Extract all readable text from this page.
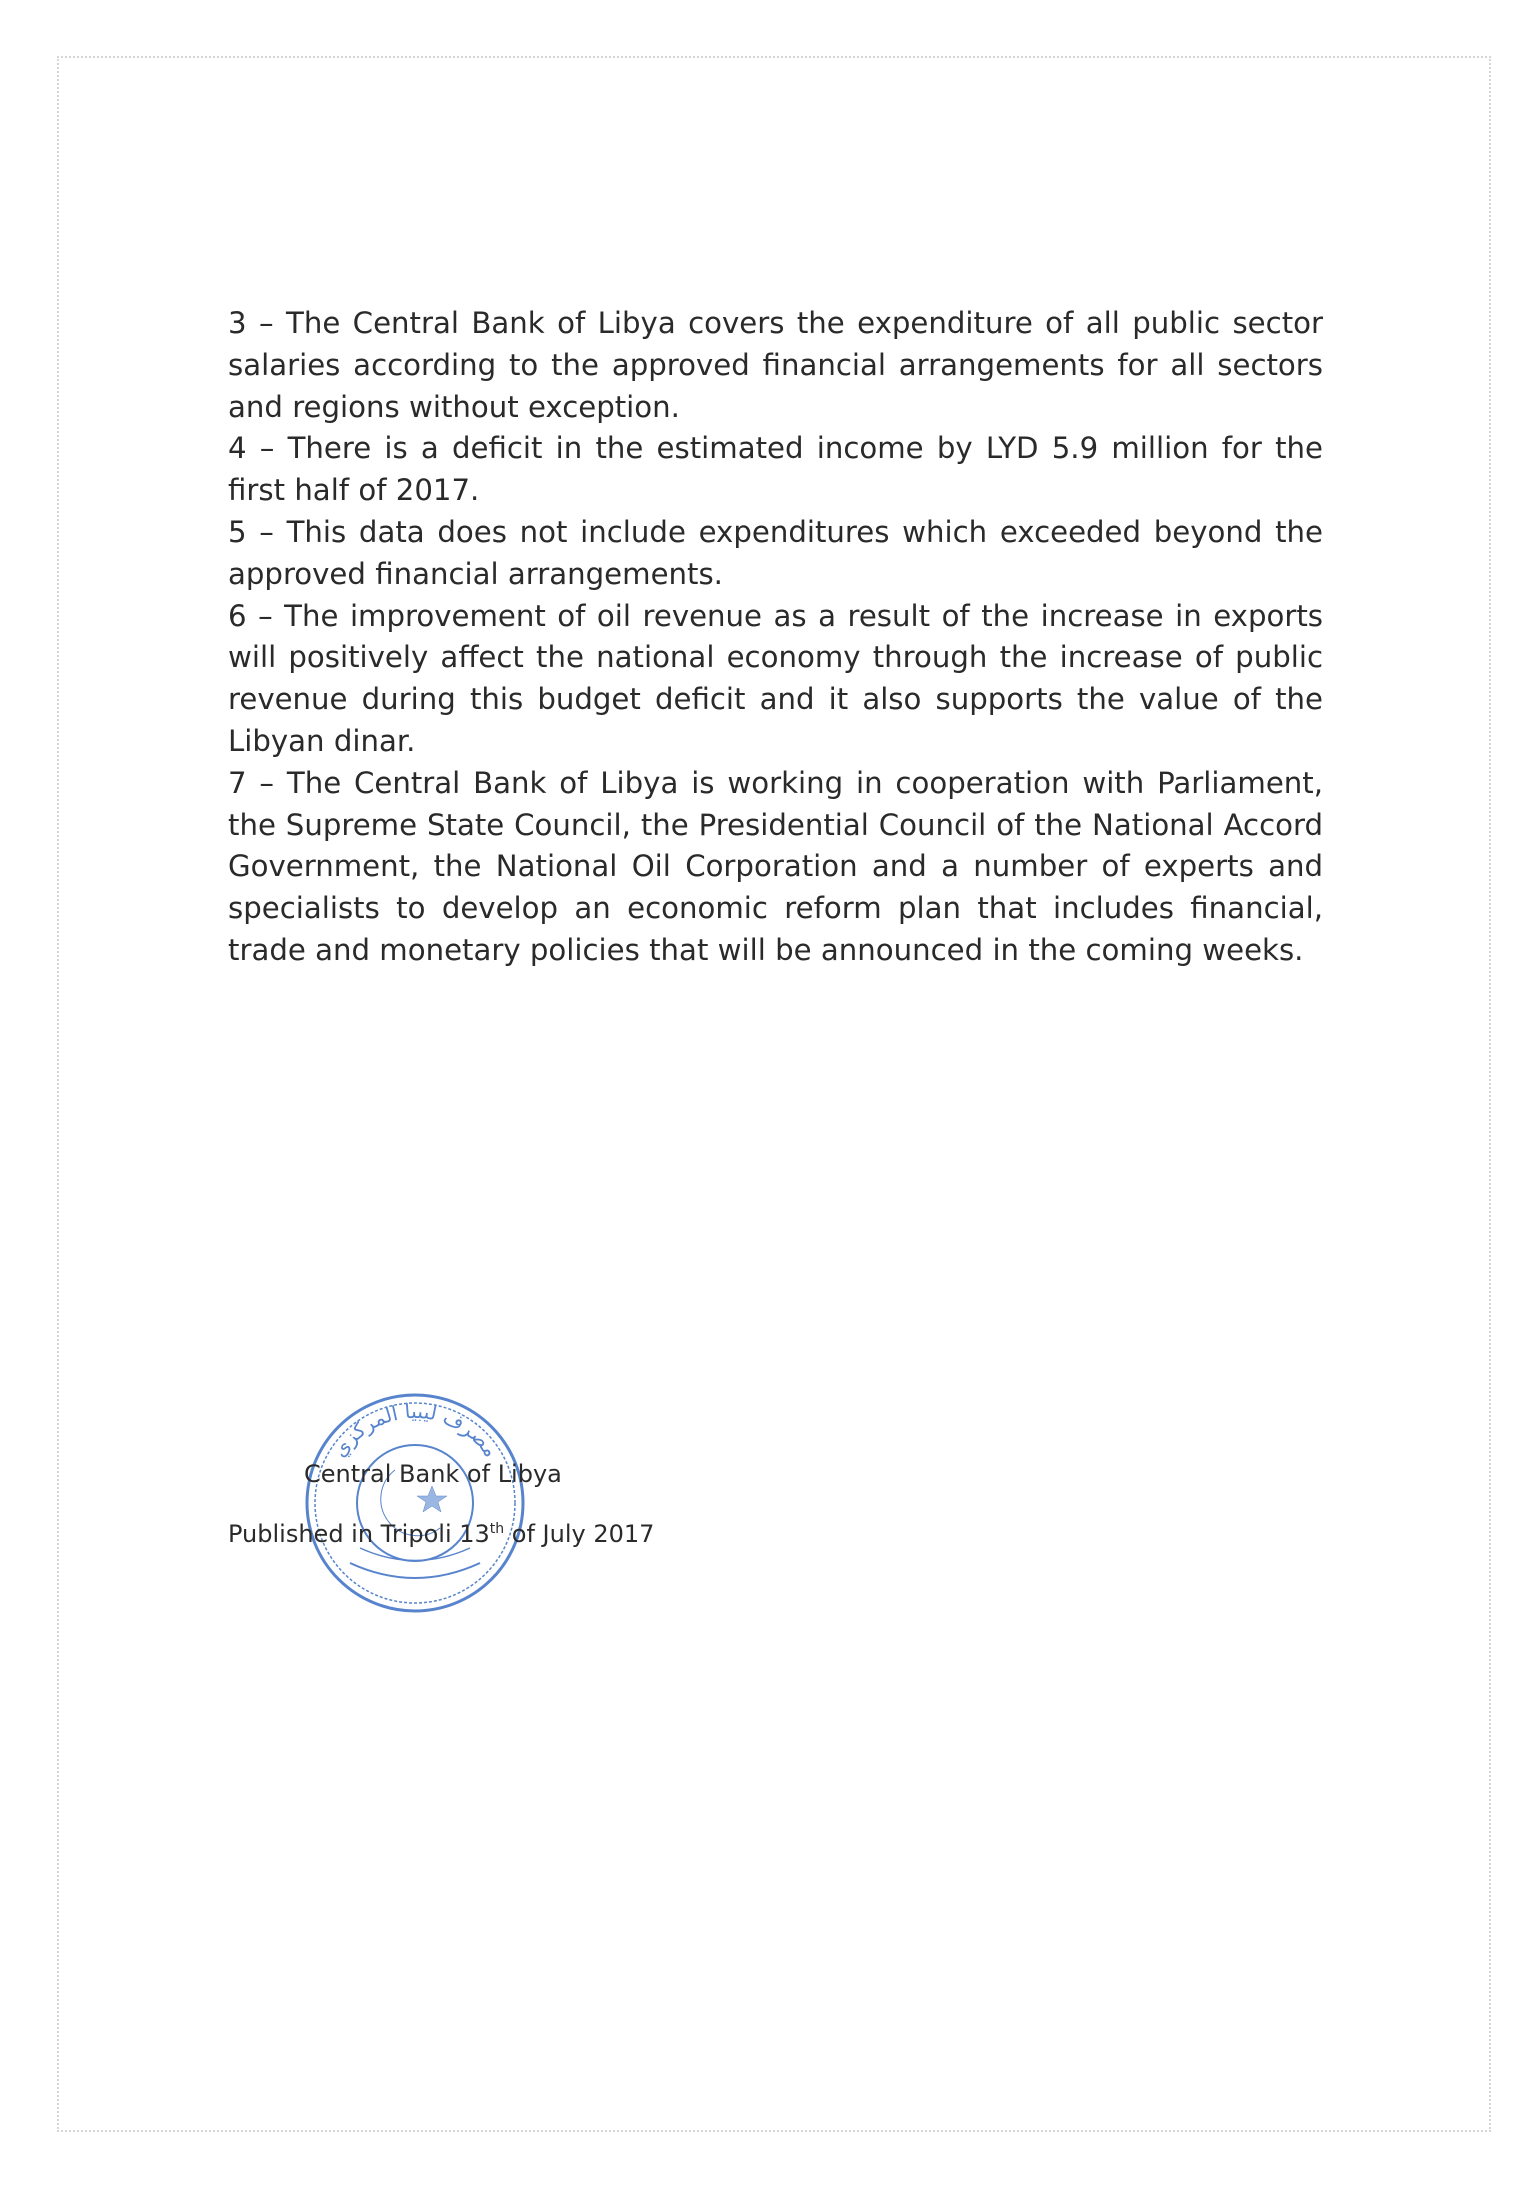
3 – The Central Bank of Libya covers the expenditure of all public sector salaries according to the approved financial arrangements for all sectors and regions without exception.

4 – There is a deficit in the estimated income by LYD 5.9 million for the first half of 2017.

5 – This data does not include expenditures which exceeded beyond the approved financial arrangements.

6 – The improvement of oil revenue as a result of the increase in exports will positively affect the national economy through the increase of public revenue during this budget deficit and it also supports the value of the Libyan dinar.

7 – The Central Bank of Libya is working in cooperation with Parliament, the Supreme State Council, the Presidential Council of the National Accord Government, the National Oil Corporation and a number of experts and specialists to develop an economic reform plan that includes financial, trade and monetary policies that will be announced in the coming weeks.

مصرف ليبيا المركزي
Central Bank of Libya
Published in Tripoli 13th of July 2017
